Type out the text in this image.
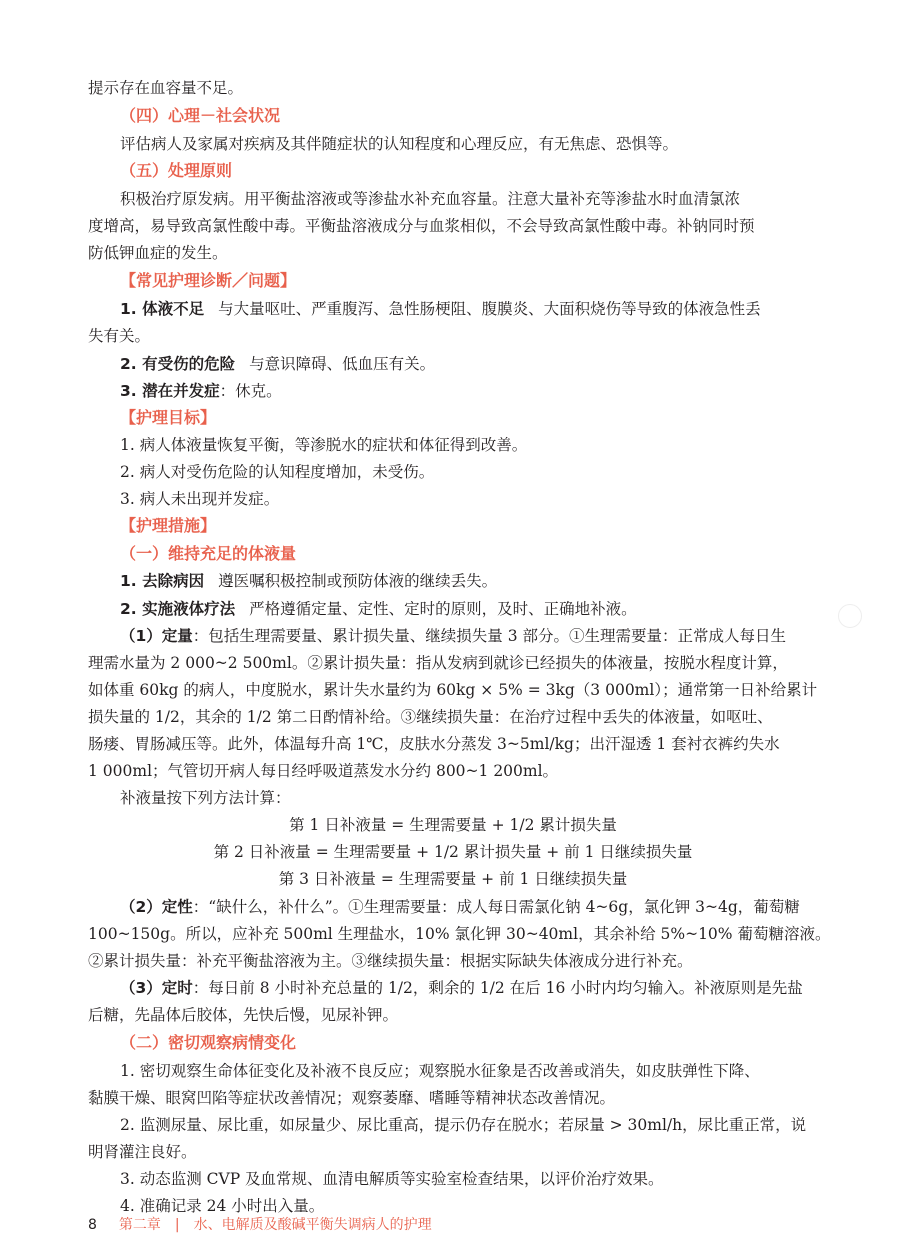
提示存在血容量不足。
（四）心理－社会状况
评估病人及家属对疾病及其伴随症状的认知程度和心理反应，有无焦虑、恐惧等。
（五）处理原则
积极治疗原发病。用平衡盐溶液或等渗盐水补充血容量。注意大量补充等渗盐水时血清氯浓
度增高，易导致高氯性酸中毒。平衡盐溶液成分与血浆相似，不会导致高氯性酸中毒。补钠同时预
防低钾血症的发生。
【常见护理诊断／问题】
1. 体液不足 与大量呕吐、严重腹泻、急性肠梗阻、腹膜炎、大面积烧伤等导致的体液急性丢
失有关。
2. 有受伤的危险 与意识障碍、低血压有关。
3. 潜在并发症：休克。
【护理目标】
1. 病人体液量恢复平衡，等渗脱水的症状和体征得到改善。
2. 病人对受伤危险的认知程度增加，未受伤。
3. 病人未出现并发症。
【护理措施】
（一）维持充足的体液量
1. 去除病因 遵医嘱积极控制或预防体液的继续丢失。
2. 实施液体疗法 严格遵循定量、定性、定时的原则，及时、正确地补液。
（1）定量：包括生理需要量、累计损失量、继续损失量 3 部分。①生理需要量：正常成人每日生
理需水量为 2 000~2 500ml。②累计损失量：指从发病到就诊已经损失的体液量，按脱水程度计算，
如体重 60kg 的病人，中度脱水，累计失水量约为 60kg × 5% = 3kg（3 000ml）；通常第一日补给累计
损失量的 1/2，其余的 1/2 第二日酌情补给。③继续损失量：在治疗过程中丢失的体液量，如呕吐、
肠瘘、胃肠减压等。此外，体温每升高 1℃，皮肤水分蒸发 3~5ml/kg；出汗湿透 1 套衬衣裤约失水
1 000ml；气管切开病人每日经呼吸道蒸发水分约 800~1 200ml。
补液量按下列方法计算：
第 1 日补液量 = 生理需要量 + 1/2 累计损失量
第 2 日补液量 = 生理需要量 + 1/2 累计损失量 + 前 1 日继续损失量
第 3 日补液量 = 生理需要量 + 前 1 日继续损失量
（2）定性：“缺什么，补什么”。①生理需要量：成人每日需氯化钠 4~6g，氯化钾 3~4g，葡萄糖
100~150g。所以，应补充 500ml 生理盐水，10% 氯化钾 30~40ml，其余补给 5%~10% 葡萄糖溶液。
②累计损失量：补充平衡盐溶液为主。③继续损失量：根据实际缺失体液成分进行补充。
（3）定时：每日前 8 小时补充总量的 1/2，剩余的 1/2 在后 16 小时内均匀输入。补液原则是先盐
后糖，先晶体后胶体，先快后慢，见尿补钾。
（二）密切观察病情变化
1. 密切观察生命体征变化及补液不良反应；观察脱水征象是否改善或消失，如皮肤弹性下降、
黏膜干燥、眼窝凹陷等症状改善情况；观察萎靡、嗜睡等精神状态改善情况。
2. 监测尿量、尿比重，如尿量少、尿比重高，提示仍存在脱水；若尿量 > 30ml/h，尿比重正常，说
明肾灌注良好。
3. 动态监测 CVP 及血常规、血清电解质等实验室检查结果，以评价治疗效果。
4. 准确记录 24 小时出入量。
8 第二章 | 水、电解质及酸碱平衡失调病人的护理
